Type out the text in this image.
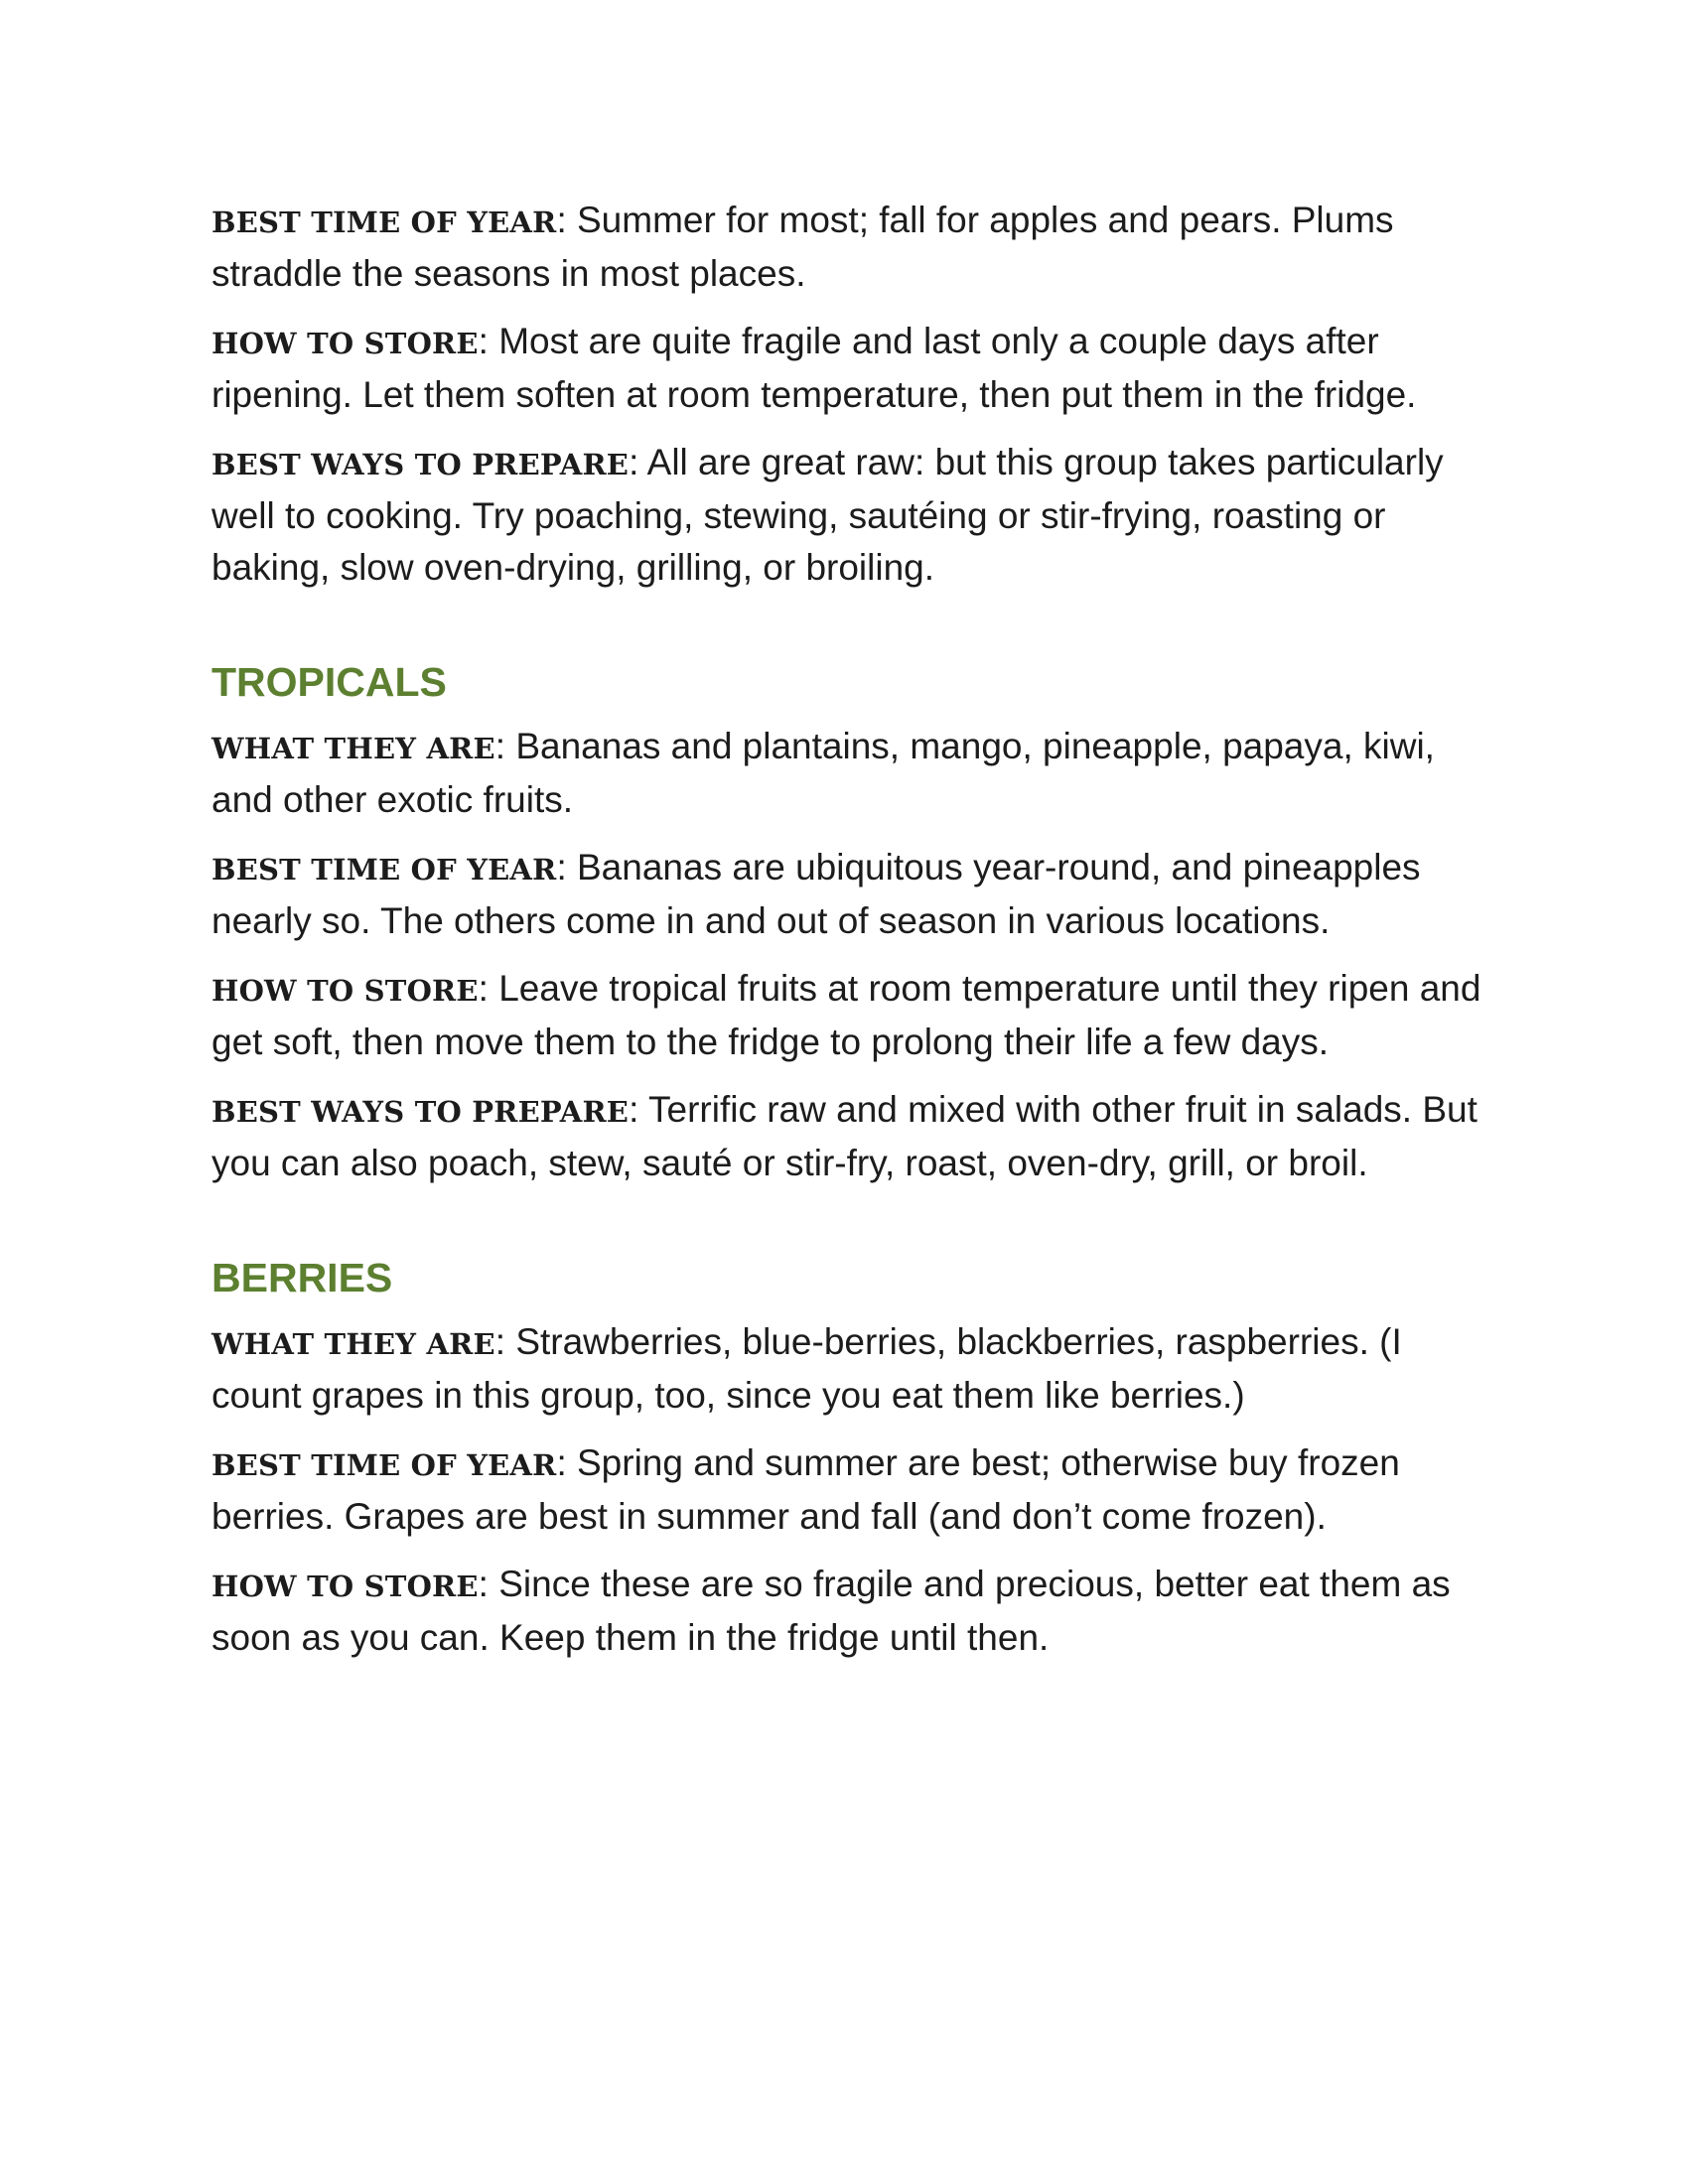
BEST TIME OF YEAR: Summer for most; fall for apples and pears. Plums straddle the seasons in most places.

HOW TO STORE: Most are quite fragile and last only a couple days after ripening. Let them soften at room temperature, then put them in the fridge.

BEST WAYS TO PREPARE: All are great raw: but this group takes particularly well to cooking. Try poaching, stewing, sautéing or stir-frying, roasting or baking, slow oven-drying, grilling, or broiling.

TROPICALS

WHAT THEY ARE: Bananas and plantains, mango, pineapple, papaya, kiwi, and other exotic fruits.

BEST TIME OF YEAR: Bananas are ubiquitous year-round, and pineapples nearly so. The others come in and out of season in various locations.

HOW TO STORE: Leave tropical fruits at room temperature until they ripen and get soft, then move them to the fridge to prolong their life a few days.

BEST WAYS TO PREPARE: Terrific raw and mixed with other fruit in salads. But you can also poach, stew, sauté or stir-fry, roast, oven-dry, grill, or broil.

BERRIES

WHAT THEY ARE: Strawberries, blue-berries, blackberries, raspberries. (I count grapes in this group, too, since you eat them like berries.)

BEST TIME OF YEAR: Spring and summer are best; otherwise buy frozen berries. Grapes are best in summer and fall (and don’t come frozen).

HOW TO STORE: Since these are so fragile and precious, better eat them as soon as you can. Keep them in the fridge until then.
